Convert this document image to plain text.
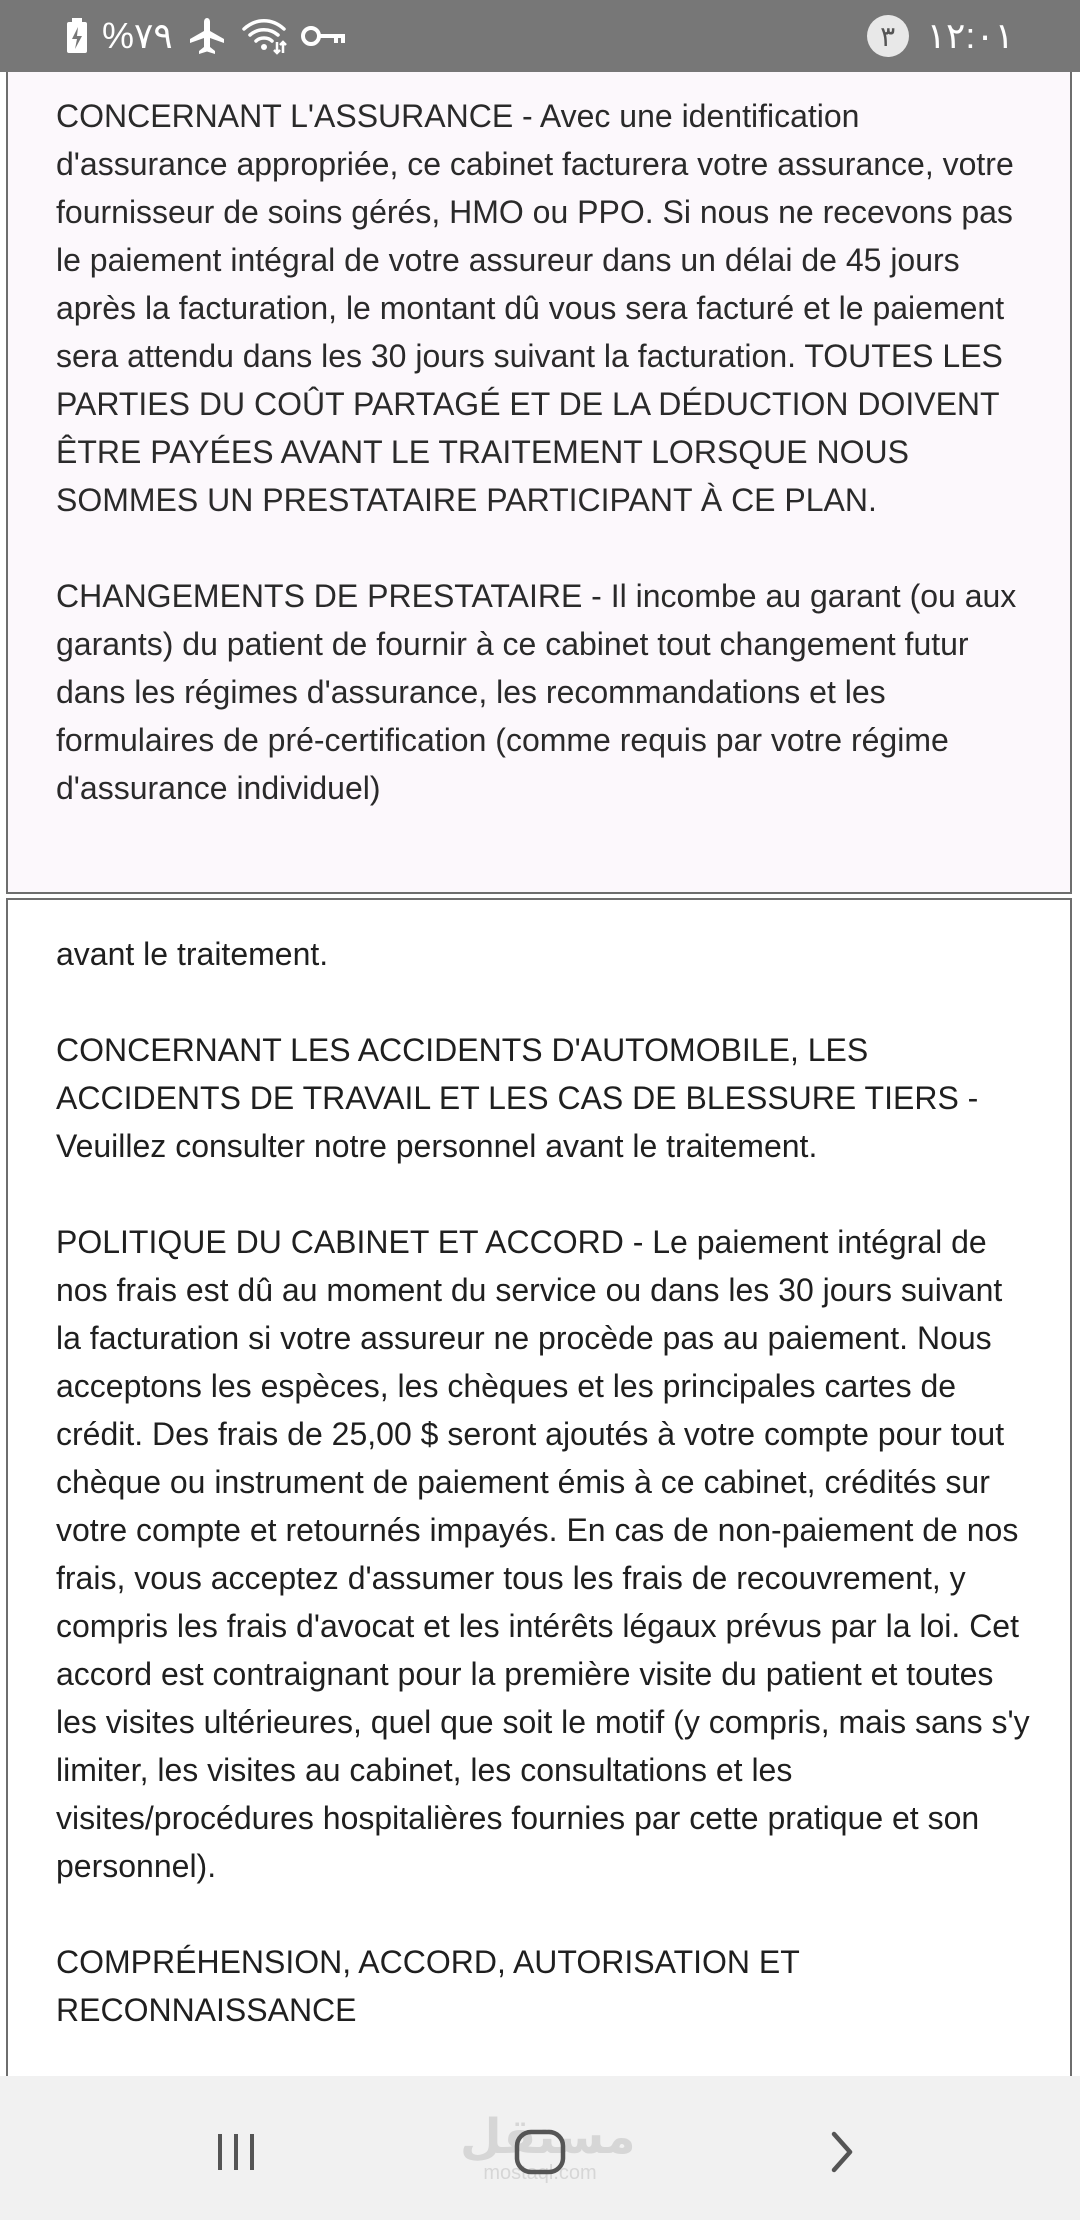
%٧٩	٣ ١٢:٠١

CONCERNANT L'ASSURANCE - Avec une identification d'assurance appropriée, ce cabinet facturera votre assurance, votre fournisseur de soins gérés, HMO ou PPO. Si nous ne recevons pas le paiement intégral de votre assureur dans un délai de 45 jours après la facturation, le montant dû vous sera facturé et le paiement sera attendu dans les 30 jours suivant la facturation. TOUTES LES PARTIES DU COÛT PARTAGÉ ET DE LA DÉDUCTION DOIVENT ÊTRE PAYÉES AVANT LE TRAITEMENT LORSQUE NOUS SOMMES UN PRESTATAIRE PARTICIPANT À CE PLAN.

CHANGEMENTS DE PRESTATAIRE - Il incombe au garant (ou aux garants) du patient de fournir à ce cabinet tout changement futur dans les régimes d'assurance, les recommandations et les formulaires de pré-certification (comme requis par votre régime d'assurance individuel)

avant le traitement.

CONCERNANT LES ACCIDENTS D'AUTOMOBILE, LES ACCIDENTS DE TRAVAIL ET LES CAS DE BLESSURE TIERS - Veuillez consulter notre personnel avant le traitement.

POLITIQUE DU CABINET ET ACCORD - Le paiement intégral de nos frais est dû au moment du service ou dans les 30 jours suivant la facturation si votre assureur ne procède pas au paiement. Nous acceptons les espèces, les chèques et les principales cartes de crédit. Des frais de 25,00 $ seront ajoutés à votre compte pour tout chèque ou instrument de paiement émis à ce cabinet, crédités sur votre compte et retournés impayés. En cas de non-paiement de nos frais, vous acceptez d'assumer tous les frais de recouvrement, y compris les frais d'avocat et les intérêts légaux prévus par la loi. Cet accord est contraignant pour la première visite du patient et toutes les visites ultérieures, quel que soit le motif (y compris, mais sans s'y limiter, les visites au cabinet, les consultations et les visites/procédures hospitalières fournies par cette pratique et son personnel).

COMPRÉHENSION, ACCORD, AUTORISATION ET RECONNAISSANCE

مستقل
mostaql.com
